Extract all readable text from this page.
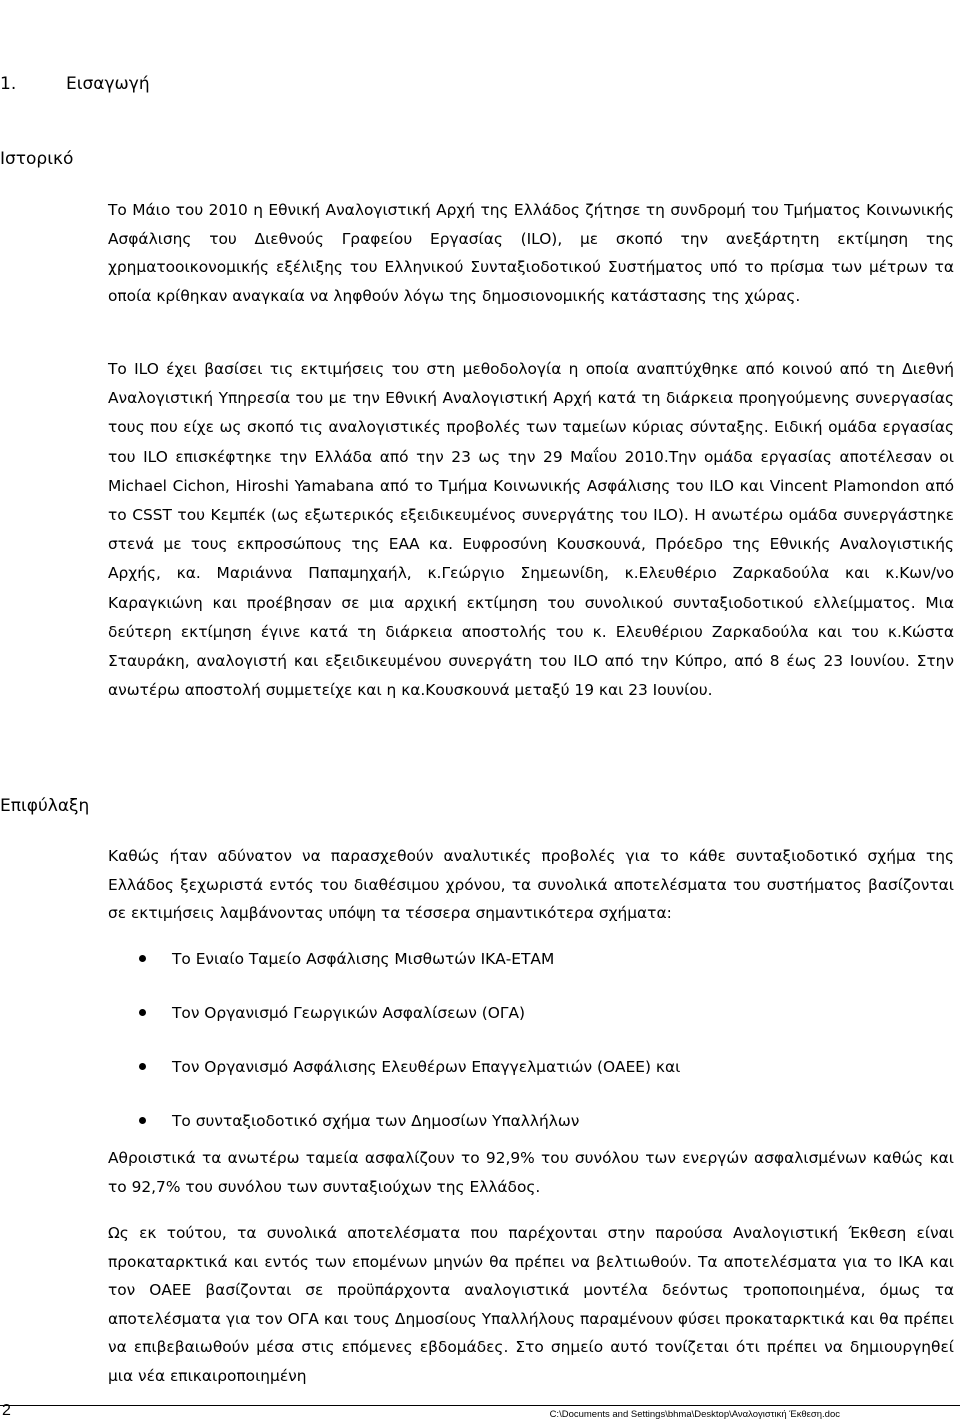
1.	Εισαγωγή
Ιστορικό

Το Μάιο του 2010 η Εθνική Αναλογιστική Αρχή της Ελλάδος ζήτησε τη συνδρομή του Τμήματος Κοινωνικής Ασφάλισης του Διεθνούς Γραφείου Εργασίας (ILO), με σκοπό την ανεξάρτητη εκτίμηση της χρηματοοικονομικής εξέλιξης του Ελληνικού Συνταξιοδοτικού Συστήματος υπό το πρίσμα των μέτρων τα οποία κρίθηκαν αναγκαία να ληφθούν λόγω της δημοσιονομικής κατάστασης της χώρας.

Το ILO έχει βασίσει τις εκτιμήσεις του στη μεθοδολογία η οποία αναπτύχθηκε από κοινού από τη Διεθνή Αναλογιστική Υπηρεσία του με την Εθνική Αναλογιστική Αρχή κατά τη διάρκεια προηγούμενης συνεργασίας τους που είχε ως σκοπό τις αναλογιστικές προβολές των ταμείων κύριας σύνταξης. Ειδική ομάδα εργασίας του ILO επισκέφτηκε την Ελλάδα από την 23 ως την 29 Μαΐου 2010.Την ομάδα εργασίας αποτέλεσαν οι Michael Cichon, Hiroshi Yamabana από το Τμήμα Κοινωνικής Ασφάλισης του ILO και Vincent Plamondon από το CSST του Κεμπέκ (ως εξωτερικός εξειδικευμένος συνεργάτης του ILO). Η ανωτέρω ομάδα συνεργάστηκε στενά με τους εκπροσώπους της ΕΑΑ κα. Ευφροσύνη Κουσκουνά, Πρόεδρο της Εθνικής Αναλογιστικής Αρχής, κα. Μαριάννα Παπαμηχαήλ, κ.Γεώργιο Σημεωνίδη, κ.Ελευθέριο Ζαρκαδούλα και κ.Κων/νο Καραγκιώνη και προέβησαν σε μια αρχική εκτίμηση του συνολικού συνταξιοδοτικού ελλείμματος. Μια δεύτερη εκτίμηση έγινε κατά τη διάρκεια αποστολής του κ. Ελευθέριου Ζαρκαδούλα και του κ.Κώστα Σταυράκη, αναλογιστή και εξειδικευμένου συνεργάτη του ILO από την Κύπρο, από 8 έως 23 Ιουνίου. Στην ανωτέρω αποστολή συμμετείχε και η κα.Κουσκουνά μεταξύ 19 και 23 Ιουνίου.

Επιφύλαξη

Καθώς ήταν αδύνατον να παρασχεθούν αναλυτικές προβολές για το κάθε συνταξιοδοτικό σχήμα της Ελλάδος ξεχωριστά εντός του διαθέσιμου χρόνου, τα συνολικά αποτελέσματα του συστήματος βασίζονται σε εκτιμήσεις λαμβάνοντας υπόψη τα τέσσερα σημαντικότερα σχήματα:

Το Ενιαίο Ταμείο Ασφάλισης Μισθωτών ΙΚΑ-ΕΤΑΜ
Τον Οργανισμό Γεωργικών Ασφαλίσεων (ΟΓΑ)
Τον Οργανισμό Ασφάλισης Ελευθέρων Επαγγελματιών (ΟΑΕΕ) και
Το συνταξιοδοτικό σχήμα των Δημοσίων Υπαλλήλων

Αθροιστικά τα ανωτέρω ταμεία ασφαλίζουν το 92,9% του συνόλου των ενεργών ασφαλισμένων καθώς και το 92,7% του συνόλου των συνταξιούχων της Ελλάδος.

Ως εκ τούτου, τα συνολικά αποτελέσματα που παρέχονται στην παρούσα Αναλογιστική Έκθεση είναι προκαταρκτικά και εντός των επομένων μηνών θα πρέπει να βελτιωθούν. Τα αποτελέσματα για το ΙΚΑ και τον ΟΑΕΕ βασίζονται σε προϋπάρχοντα αναλογιστικά μοντέλα δεόντως τροποποιημένα, όμως τα αποτελέσματα για τον ΟΓΑ και τους Δημοσίους Υπαλλήλους παραμένουν φύσει προκαταρκτικά και θα πρέπει να επιβεβαιωθούν μέσα στις επόμενες εβδομάδες. Στο σημείο αυτό τονίζεται ότι πρέπει να δημιουργηθεί μια νέα επικαιροποιημένη

2	C:\Documents and Settings\bhma\Desktop\Αναλογιστική Έκθεση.doc
